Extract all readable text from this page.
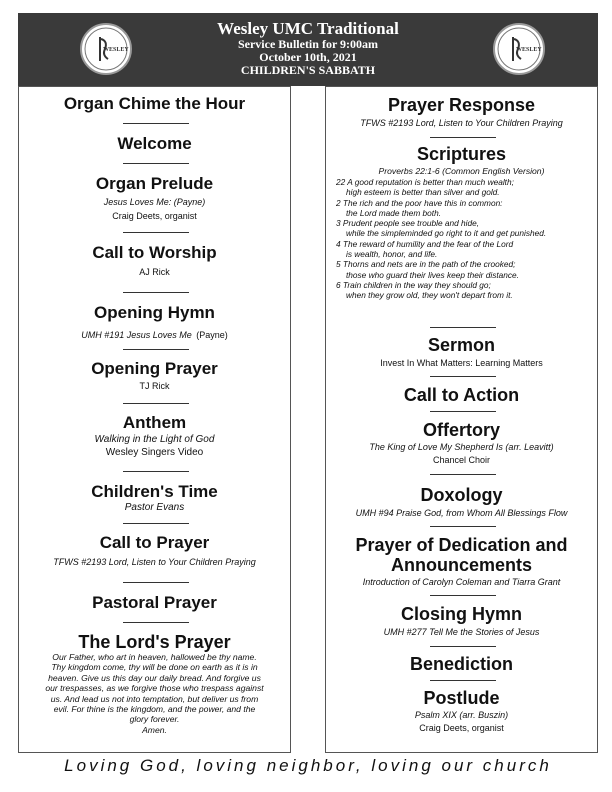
WESLEY
Wesley UMC Traditional
Service Bulletin for 9:00am
October 10th, 2021
CHILDREN'S SABBATH
WESLEY
Organ Chime the Hour
Welcome
Organ Prelude
Jesus Loves Me: (Payne)
Craig Deets, organist
Call to Worship
AJ Rick
Opening Hymn
UMH #191 Jesus Loves Me (Payne)
Opening Prayer
TJ Rick
Anthem
Walking in the Light of God
Wesley Singers Video
Children's Time
Pastor Evans
Call to Prayer
TFWS #2193 Lord, Listen to Your Children Praying
Pastoral Prayer
The Lord's Prayer
Our Father, who art in heaven, hallowed be thy name.
Thy kingdom come, thy will be done on earth as it is in
heaven. Give us this day our daily bread. And forgive us
our trespasses, as we forgive those who trespass against
us. And lead us not into temptation, but deliver us from
evil. For thine is the kingdom, and the power, and the
glory forever.
Amen.
Prayer Response
TFWS #2193 Lord, Listen to Your Children Praying
Scriptures
Proverbs 22:1-6 (Common English Version)
22 A good reputation is better than much wealth;
high esteem is better than silver and gold.
2 The rich and the poor have this in common:
the Lord made them both.
3 Prudent people see trouble and hide,
while the simpleminded go right to it and get punished.
4 The reward of humility and the fear of the Lord
is wealth, honor, and life.
5 Thorns and nets are in the path of the crooked;
those who guard their lives keep their distance.
6 Train children in the way they should go;
when they grow old, they won't depart from it.
Sermon
Invest In What Matters: Learning Matters
Call to Action
Offertory
The King of Love My Shepherd Is (arr. Leavitt)
Chancel Choir
Doxology
UMH #94 Praise God, from Whom All Blessings Flow
Prayer of Dedication and
Announcements
Introduction of Carolyn Coleman and Tiarra Grant
Closing Hymn
UMH #277 Tell Me the Stories of Jesus
Benediction
Postlude
Psalm XIX (arr. Buszin)
Craig Deets, organist
Loving God, loving neighbor, loving our church
